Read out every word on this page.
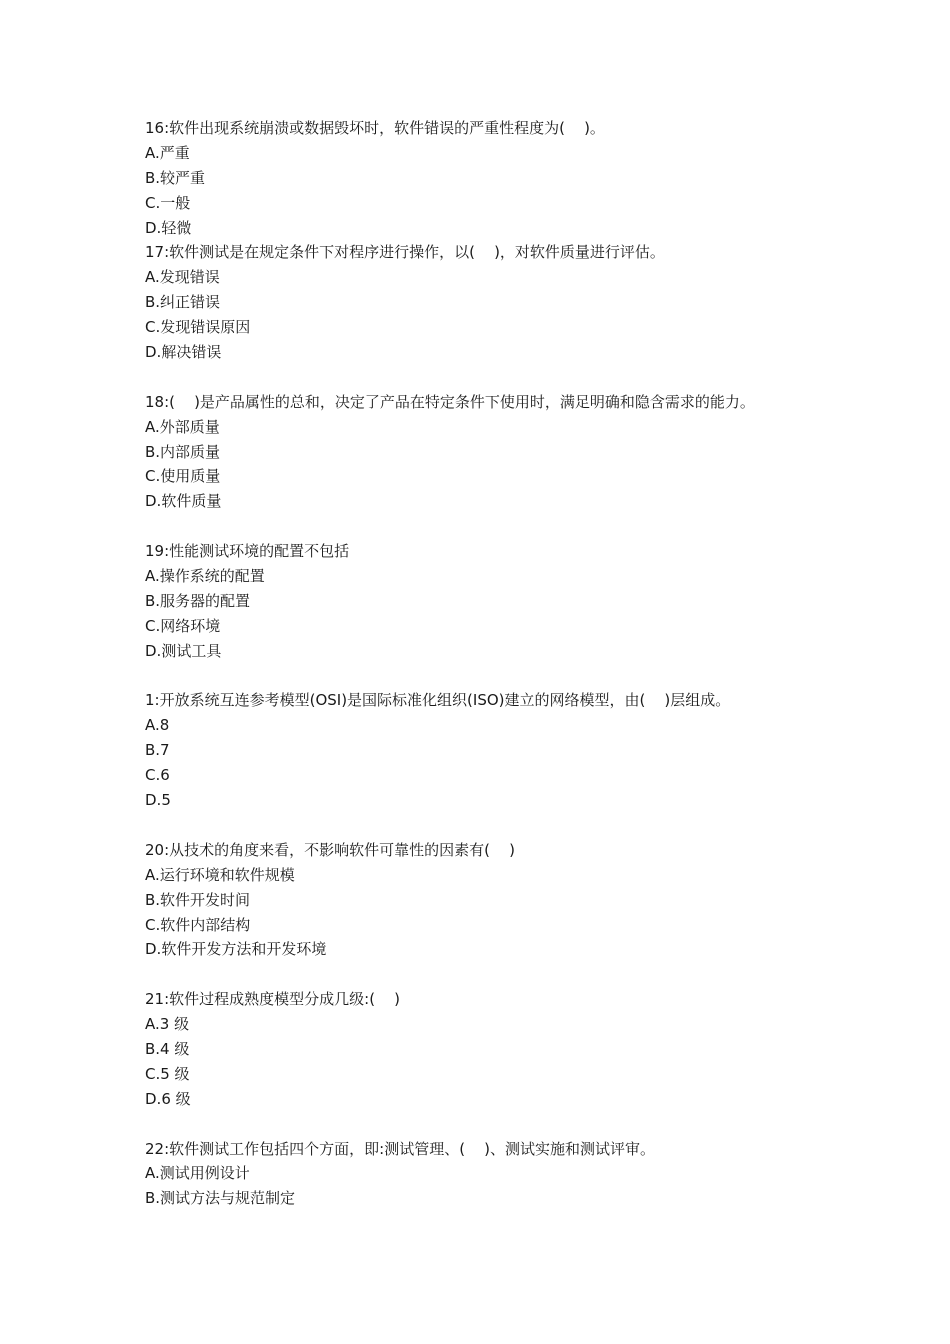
16:软件出现系统崩溃或数据毁坏时，软件错误的严重性程度为(    )。
A.严重
B.较严重
C.一般
D.轻微
17:软件测试是在规定条件下对程序进行操作，以(    )，对软件质量进行评估。
A.发现错误
B.纠正错误
C.发现错误原因
D.解决错误
18:(    )是产品属性的总和，决定了产品在特定条件下使用时，满足明确和隐含需求的能力。
A.外部质量
B.内部质量
C.使用质量
D.软件质量
19:性能测试环境的配置不包括
A.操作系统的配置
B.服务器的配置
C.网络环境
D.测试工具
1:开放系统互连参考模型(OSI)是国际标准化组织(ISO)建立的网络模型，由(    )层组成。
A.8
B.7
C.6
D.5
20:从技术的角度来看，不影响软件可靠性的因素有(    )
A.运行环境和软件规模
B.软件开发时间
C.软件内部结构
D.软件开发方法和开发环境
21:软件过程成熟度模型分成几级:(    )
A.3 级
B.4 级
C.5 级
D.6 级
22:软件测试工作包括四个方面，即:测试管理、(    )、测试实施和测试评审。
A.测试用例设计
B.测试方法与规范制定
